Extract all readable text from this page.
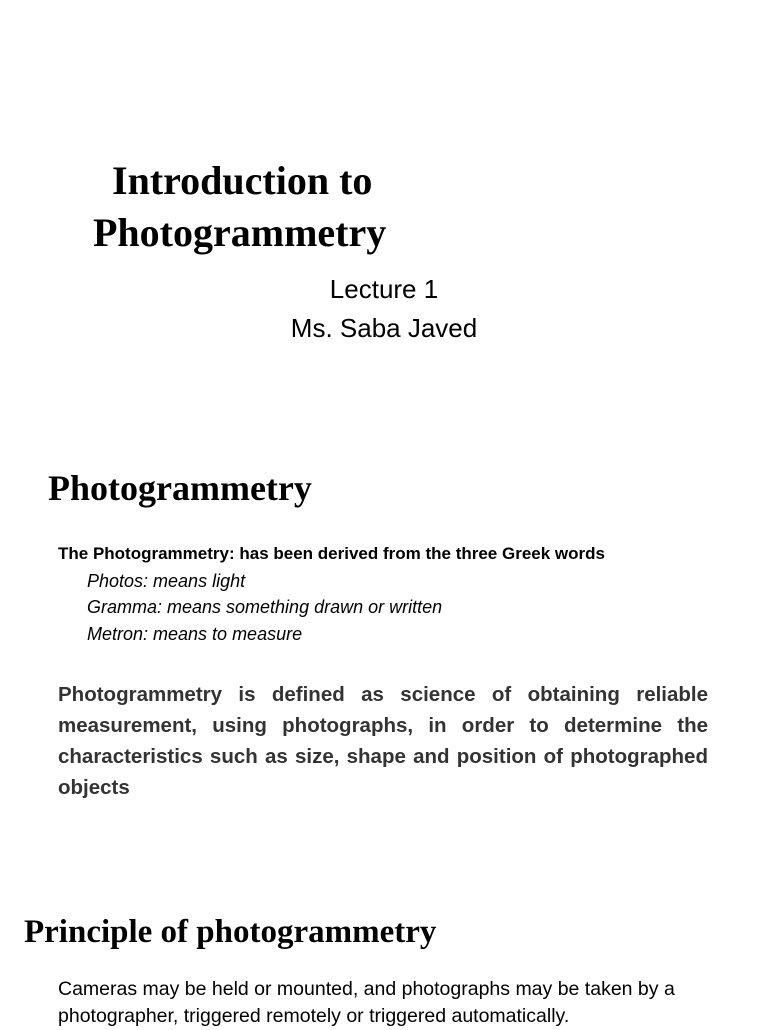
Introduction to
Photogrammetry
Lecture 1
Ms. Saba Javed
Photogrammetry
The Photogrammetry: has been derived from the three Greek words
Photos: means light
Gramma: means something drawn or written
Metron: means to measure
Photogrammetry is defined as science of obtaining reliable measurement, using photographs, in order to determine the characteristics such as size, shape and position of photographed objects
Principle of photogrammetry
Cameras may be held or mounted, and photographs may be taken by a photographer, triggered remotely or triggered automatically.
